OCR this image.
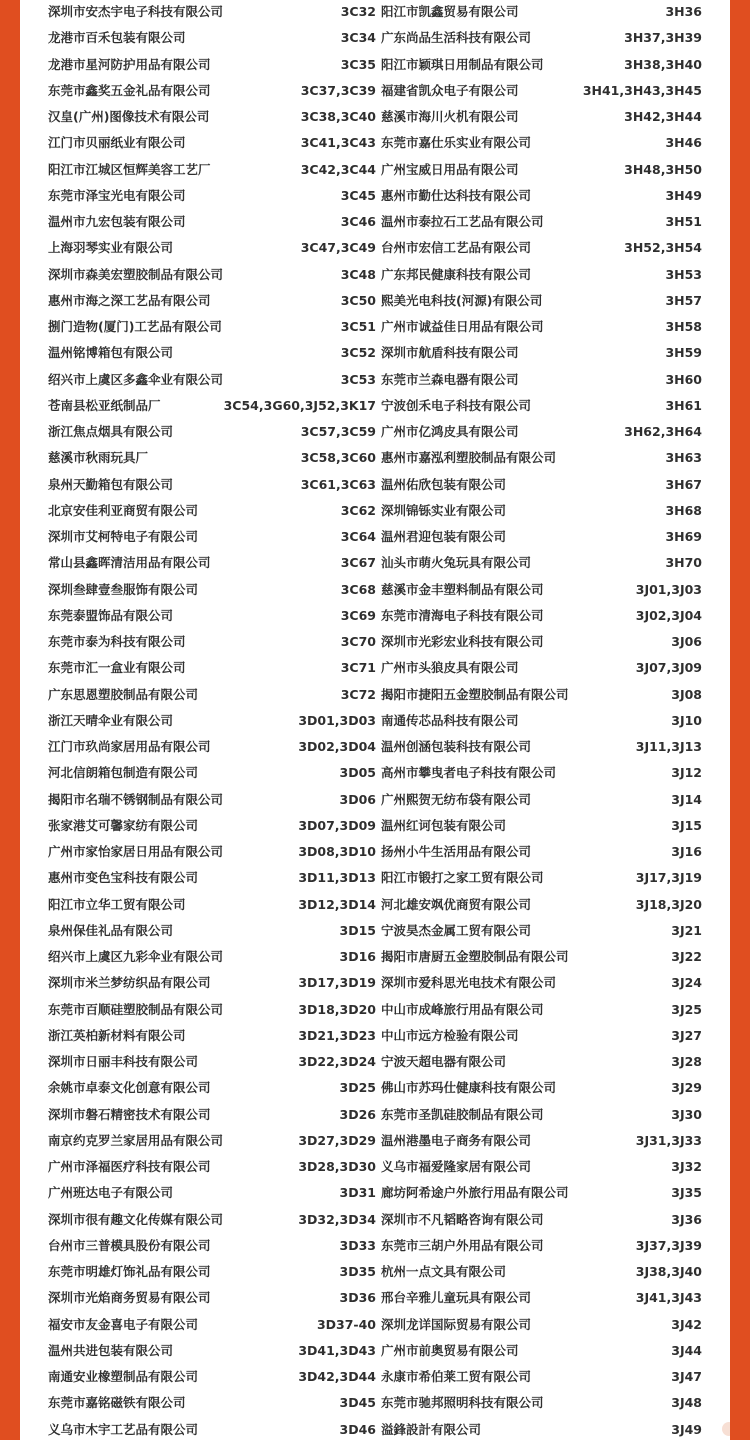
深圳市安杰宇电子科技有限公司	3C32 阳江市凯鑫贸易有限公司	3H36
龙港市百禾包装有限公司	3C34 广东尚品生活科技有限公司	3H37,3H39
龙港市星河防护用品有限公司	3C35 阳江市颖琪日用制品有限公司	3H38,3H40
东莞市鑫奖五金礼品有限公司	3C37,3C39 福建省凯众电子有限公司	3H41,3H43,3H45
汉皇(广州)图像技术有限公司	3C38,3C40 慈溪市海川火机有限公司	3H42,3H44
江门市贝丽纸业有限公司	3C41,3C43 东莞市嘉仕乐实业有限公司	3H46
阳江市江城区恒辉美容工艺厂	3C42,3C44 广州宝威日用品有限公司	3H48,3H50
东莞市泽宝光电有限公司	3C45 惠州市勤仕达科技有限公司	3H49
温州市九宏包装有限公司	3C46 温州市泰拉石工艺品有限公司	3H51
上海羽琴实业有限公司	3C47,3C49 台州市宏信工艺品有限公司	3H52,3H54
深圳市森美宏塑胶制品有限公司	3C48 广东邦民健康科技有限公司	3H53
惠州市海之深工艺品有限公司	3C50 熙美光电科技(河源)有限公司	3H57
捌门造物(厦门)工艺品有限公司	3C51 广州市诚益佳日用品有限公司	3H58
温州铭博箱包有限公司	3C52 深圳市航盾科技有限公司	3H59
绍兴市上虞区多鑫伞业有限公司	3C53 东莞市兰森电器有限公司	3H60
苍南县松亚纸制品厂	3C54,3G60,3J52,3K17 宁波创禾电子科技有限公司	3H61
浙江焦点烟具有限公司	3C57,3C59 广州市亿鸿皮具有限公司	3H62,3H64
慈溪市秋雨玩具厂	3C58,3C60 惠州市嘉泓利塑胶制品有限公司	3H63
泉州天勤箱包有限公司	3C61,3C63 温州佑欣包装有限公司	3H67
北京安佳利亚商贸有限公司	3C62 深圳锦铄实业有限公司	3H68
深圳市艾柯特电子有限公司	3C64 温州君迎包装有限公司	3H69
常山县鑫晖清洁用品有限公司	3C67 汕头市萌火兔玩具有限公司	3H70
深圳叁肆壹叁服饰有限公司	3C68 慈溪市金丰塑料制品有限公司	3J01,3J03
东莞泰盟饰品有限公司	3C69 东莞市清海电子科技有限公司	3J02,3J04
东莞市泰为科技有限公司	3C70 深圳市光彩宏业科技有限公司	3J06
东莞市汇一盒业有限公司	3C71 广州市头狼皮具有限公司	3J07,3J09
广东思恩塑胶制品有限公司	3C72 揭阳市捷阳五金塑胶制品有限公司	3J08
浙江天晴伞业有限公司	3D01,3D03 南通传芯品科技有限公司	3J10
江门市玖尚家居用品有限公司	3D02,3D04 温州创涵包装科技有限公司	3J11,3J13
河北信朗箱包制造有限公司	3D05 高州市攀曳者电子科技有限公司	3J12
揭阳市名瑞不锈钢制品有限公司	3D06 广州熙贺无纺布袋有限公司	3J14
张家港艾可馨家纺有限公司	3D07,3D09 温州红诃包装有限公司	3J15
广州市家怡家居日用品有限公司	3D08,3D10 扬州小牛生活用品有限公司	3J16
惠州市变色宝科技有限公司	3D11,3D13 阳江市锻打之家工贸有限公司	3J17,3J19
阳江市立华工贸有限公司	3D12,3D14 河北雄安飒优商贸有限公司	3J18,3J20
泉州保佳礼品有限公司	3D15 宁波昊杰金属工贸有限公司	3J21
绍兴市上虞区九彩伞业有限公司	3D16 揭阳市唐厨五金塑胶制品有限公司	3J22
深圳市米兰梦纺织品有限公司	3D17,3D19 深圳市爱科思光电技术有限公司	3J24
东莞市百顺硅塑胶制品有限公司	3D18,3D20 中山市成峰旅行用品有限公司	3J25
浙江英柏新材料有限公司	3D21,3D23 中山市远方检验有限公司	3J27
深圳市日丽丰科技有限公司	3D22,3D24 宁波天超电器有限公司	3J28
余姚市卓泰文化创意有限公司	3D25 佛山市苏玛仕健康科技有限公司	3J29
深圳市磐石精密技术有限公司	3D26 东莞市圣凯硅胶制品有限公司	3J30
南京约克罗兰家居用品有限公司	3D27,3D29 温州港墨电子商务有限公司	3J31,3J33
广州市泽福医疗科技有限公司	3D28,3D30 义乌市福爱隆家居有限公司	3J32
广州班达电子有限公司	3D31 廊坊阿希途户外旅行用品有限公司	3J35
深圳市很有趣文化传媒有限公司	3D32,3D34 深圳市不凡韬略咨询有限公司	3J36
台州市三普模具股份有限公司	3D33 东莞市三胡户外用品有限公司	3J37,3J39
东莞市明雄灯饰礼品有限公司	3D35 杭州一点文具有限公司	3J38,3J40
深圳市光焰商务贸易有限公司	3D36 邢台辛雅儿童玩具有限公司	3J41,3J43
福安市友金喜电子有限公司	3D37-40 深圳龙详国际贸易有限公司	3J42
温州共进包装有限公司	3D41,3D43 广州市前奥贸易有限公司	3J44
南通安业橡塑制品有限公司	3D42,3D44 永康市希伯莱工贸有限公司	3J47
东莞市嘉铭磁铁有限公司	3D45 东莞市驰邦照明科技有限公司	3J48
义乌市木宇工艺品有限公司	3D46 溢鋒設計有限公司	3J49
